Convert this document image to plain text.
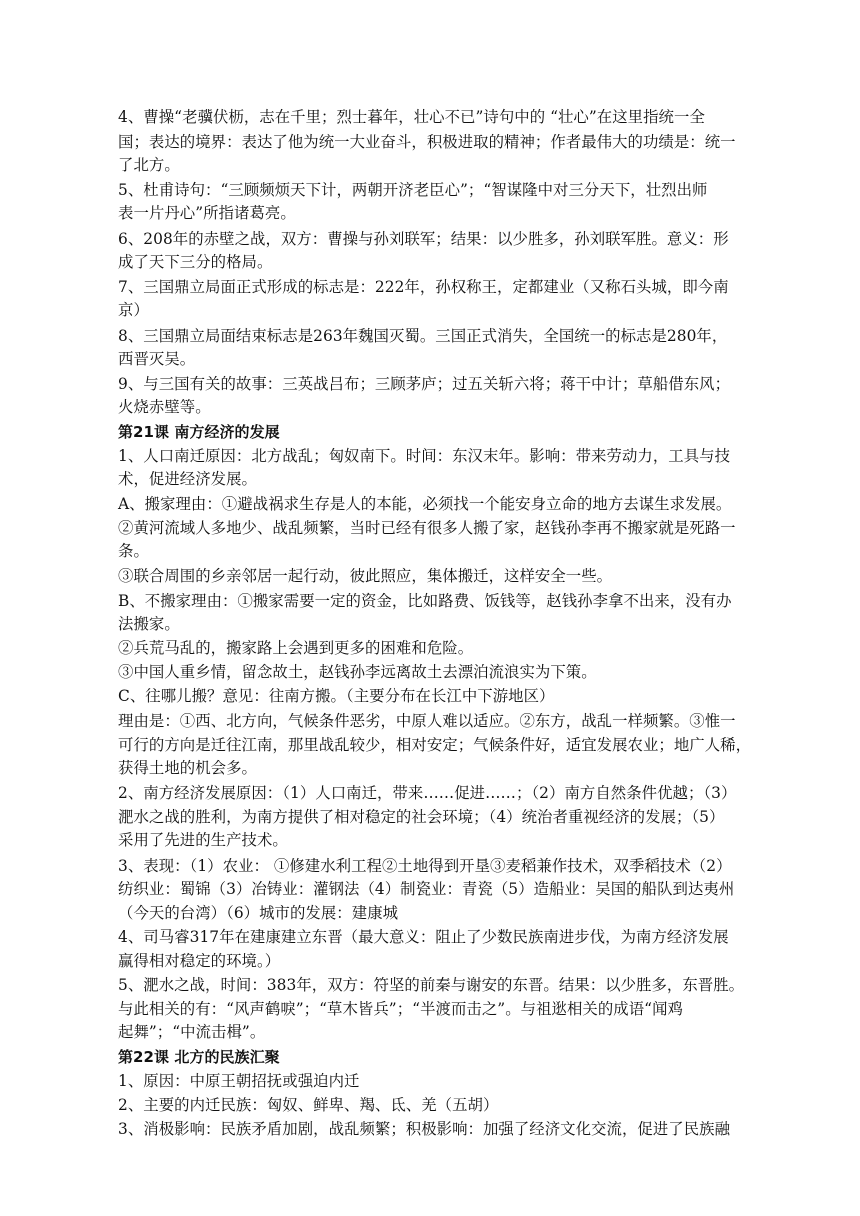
4、曹操“老骥伏枥，志在千里；烈士暮年，壮心不已”诗句中的 “壮心”在这里指统一全
国；表达的境界：表达了他为统一大业奋斗，积极进取的精神；作者最伟大的功绩是：统一
了北方。
5、杜甫诗句：“三顾频烦天下计，两朝开济老臣心”；“智谋隆中对三分天下，壮烈出师
表一片丹心”所指诸葛亮。
6、208年的赤壁之战，双方：曹操与孙刘联军；结果：以少胜多，孙刘联军胜。意义：形
成了天下三分的格局。
7、三国鼎立局面正式形成的标志是：222年，孙权称王，定都建业（又称石头城，即今南
京）
8、三国鼎立局面结束标志是263年魏国灭蜀。三国正式消失，全国统一的标志是280年，
西晋灭吴。
9、与三国有关的故事：三英战吕布；三顾茅庐；过五关斩六将；蒋干中计；草船借东风；
火烧赤壁等。
第21课 南方经济的发展
1、人口南迁原因：北方战乱；匈奴南下。时间：东汉末年。影响：带来劳动力，工具与技
术，促进经济发展。
A、搬家理由：①避战祸求生存是人的本能，必须找一个能安身立命的地方去谋生求发展。
②黄河流域人多地少、战乱频繁，当时已经有很多人搬了家，赵钱孙李再不搬家就是死路一
条。
③联合周围的乡亲邻居一起行动，彼此照应，集体搬迁，这样安全一些。
B、不搬家理由：①搬家需要一定的资金，比如路费、饭钱等，赵钱孙李拿不出来，没有办
法搬家。
②兵荒马乱的，搬家路上会遇到更多的困难和危险。
③中国人重乡情，留念故土，赵钱孙李远离故土去漂泊流浪实为下策。
C、往哪儿搬？意见：往南方搬。（主要分布在长江中下游地区）
理由是：①西、北方向，气候条件恶劣，中原人难以适应。②东方，战乱一样频繁。③惟一
可行的方向是迁往江南，那里战乱较少，相对安定；气候条件好，适宜发展农业；地广人稀，
获得土地的机会多。
2、南方经济发展原因：（1）人口南迁，带来……促进……；（2）南方自然条件优越；（3）
淝水之战的胜利，为南方提供了相对稳定的社会环境；（4）统治者重视经济的发展；（5）
采用了先进的生产技术。
3、表现：（1）农业： ①修建水利工程②土地得到开垦③麦稻兼作技术，双季稻技术（2）
纺织业：蜀锦（3）冶铸业：灌钢法（4）制瓷业：青瓷（5）造船业：吴国的船队到达夷州
（今天的台湾）（6）城市的发展：建康城
4、司马睿317年在建康建立东晋（最大意义：阻止了少数民族南进步伐，为南方经济发展
赢得相对稳定的环境。）
5、淝水之战，时间：383年，双方：符坚的前秦与谢安的东晋。结果：以少胜多，东晋胜。
与此相关的有：“风声鹤唳”；“草木皆兵”；“半渡而击之”。与祖逖相关的成语“闻鸡
起舞”；“中流击楫”。
第22课 北方的民族汇聚
1、原因：中原王朝招抚或强迫内迁
2、主要的内迁民族：匈奴、鲜卑、羯、氐、羌（五胡）
3、消极影响：民族矛盾加剧，战乱频繁；积极影响：加强了经济文化交流，促进了民族融
